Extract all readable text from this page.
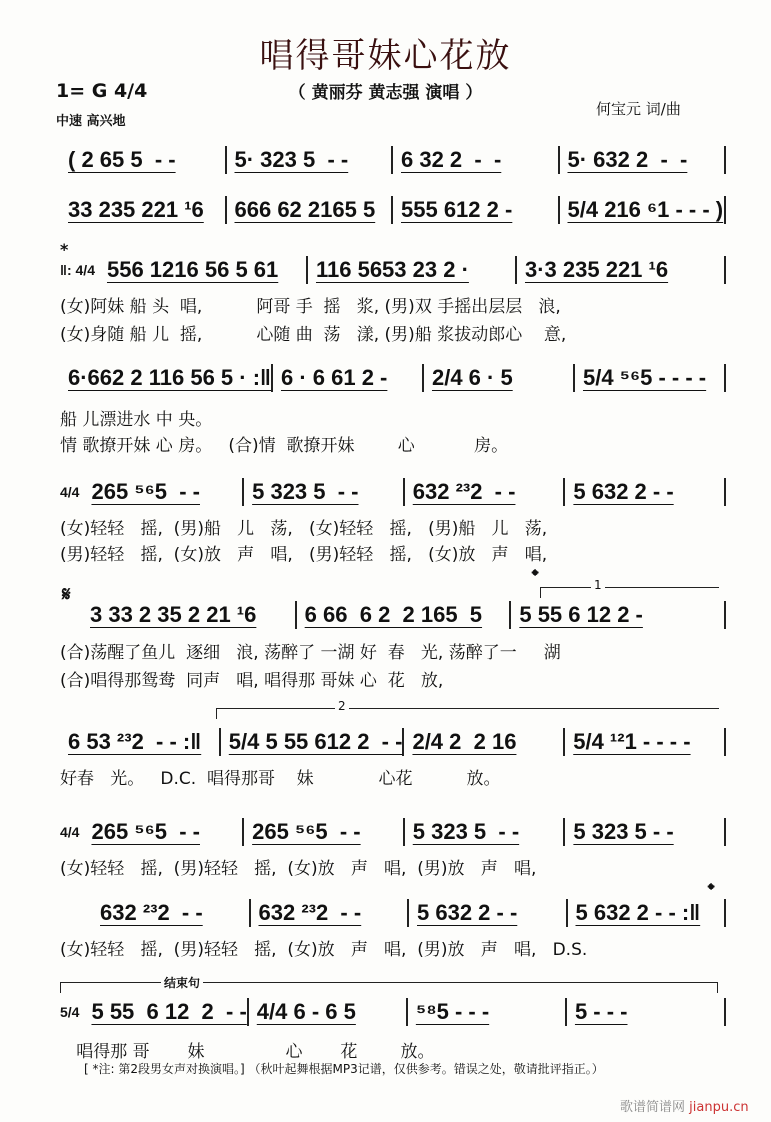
唱得哥妹心花放
（ 黄丽芬 黄志强 演唱 ）
1= G 4/4
中速 高兴地
何宝元 词/曲
( 2 65 5  - -	5· 323 5  - -	6 32 2  -  -	5· 632 2  -  -
33 235 221 ¹6	666 62 2165 5	555 612 2 -	5/4 216 ⁶1 - - - )
‖: 4/4 556 1216 56 5 61	116 5653 23 2 ·	3·3 235 221 ¹6
6·662 2 116 56 5 · :‖ 6 · 6 61 2 -	2/4 6 · 5	5/4 ⁵⁶5 - - - -
4/4 265 ⁵⁶5  - -	5 323 5  - -	632 ²³2  - -	5 632 2 - -
3 33 2 35 2 21 ¹6	6 66  6 2  2 165  5	5 55 6 12 2 -
6 53 ²³2  - - :‖	5/4 5 55 612 2  - - 2/4 2  2 16	5/4 ¹²1 - - - -
4/4 265 ⁵⁶5  - -	265 ⁵⁶5  - -	5 323 5  - -	5 323 5 - -
632 ²³2  - -	632 ²³2  - -	5 632 2 - -	5 632 2 - - :‖
5/4 5 55  6 12  2  - - 4/4 6 - 6 5	⁵⁸5 - - -	5 - - -
*
𝄋
𝄌
𝄌
1
2
结束句
(女)阿妹 船 头  唱,          阿哥 手  摇   浆, (男)双 手摇出层层   浪,
(女)身随 船 儿  摇,          心随 曲  荡   漾, (男)船 浆拔动郎心    意,
船 儿漂进水 中 央。
情 歌撩开妹 心 房。   (合)情  歌撩开妹        心           房。
(女)轻轻   摇,  (男)船   儿   荡,   (女)轻轻   摇,   (男)船   儿   荡,
(男)轻轻   摇,  (女)放   声   唱,   (男)轻轻   摇,   (女)放   声   唱,
(合)荡醒了鱼儿  逐细   浪, 荡醉了 一湖 好  春   光, 荡醉了一     湖
(合)唱得那鸳鸯  同声   唱, 唱得那 哥妹 心  花   放,
好春   光。   D.C.  唱得那哥    妹            心花          放。
(女)轻轻   摇,  (男)轻轻   摇,  (女)放   声   唱,  (男)放   声   唱,
(女)轻轻   摇,  (男)轻轻   摇,  (女)放   声   唱,  (男)放   声   唱,   D.S.
唱得那 哥       妹               心       花        放。
[ *注: 第2段男女声对换演唱。] （秋叶起舞根据MP3记谱，仅供参考。错误之处，敬请批评指正。）
歌谱简谱网 jianpu.cn
